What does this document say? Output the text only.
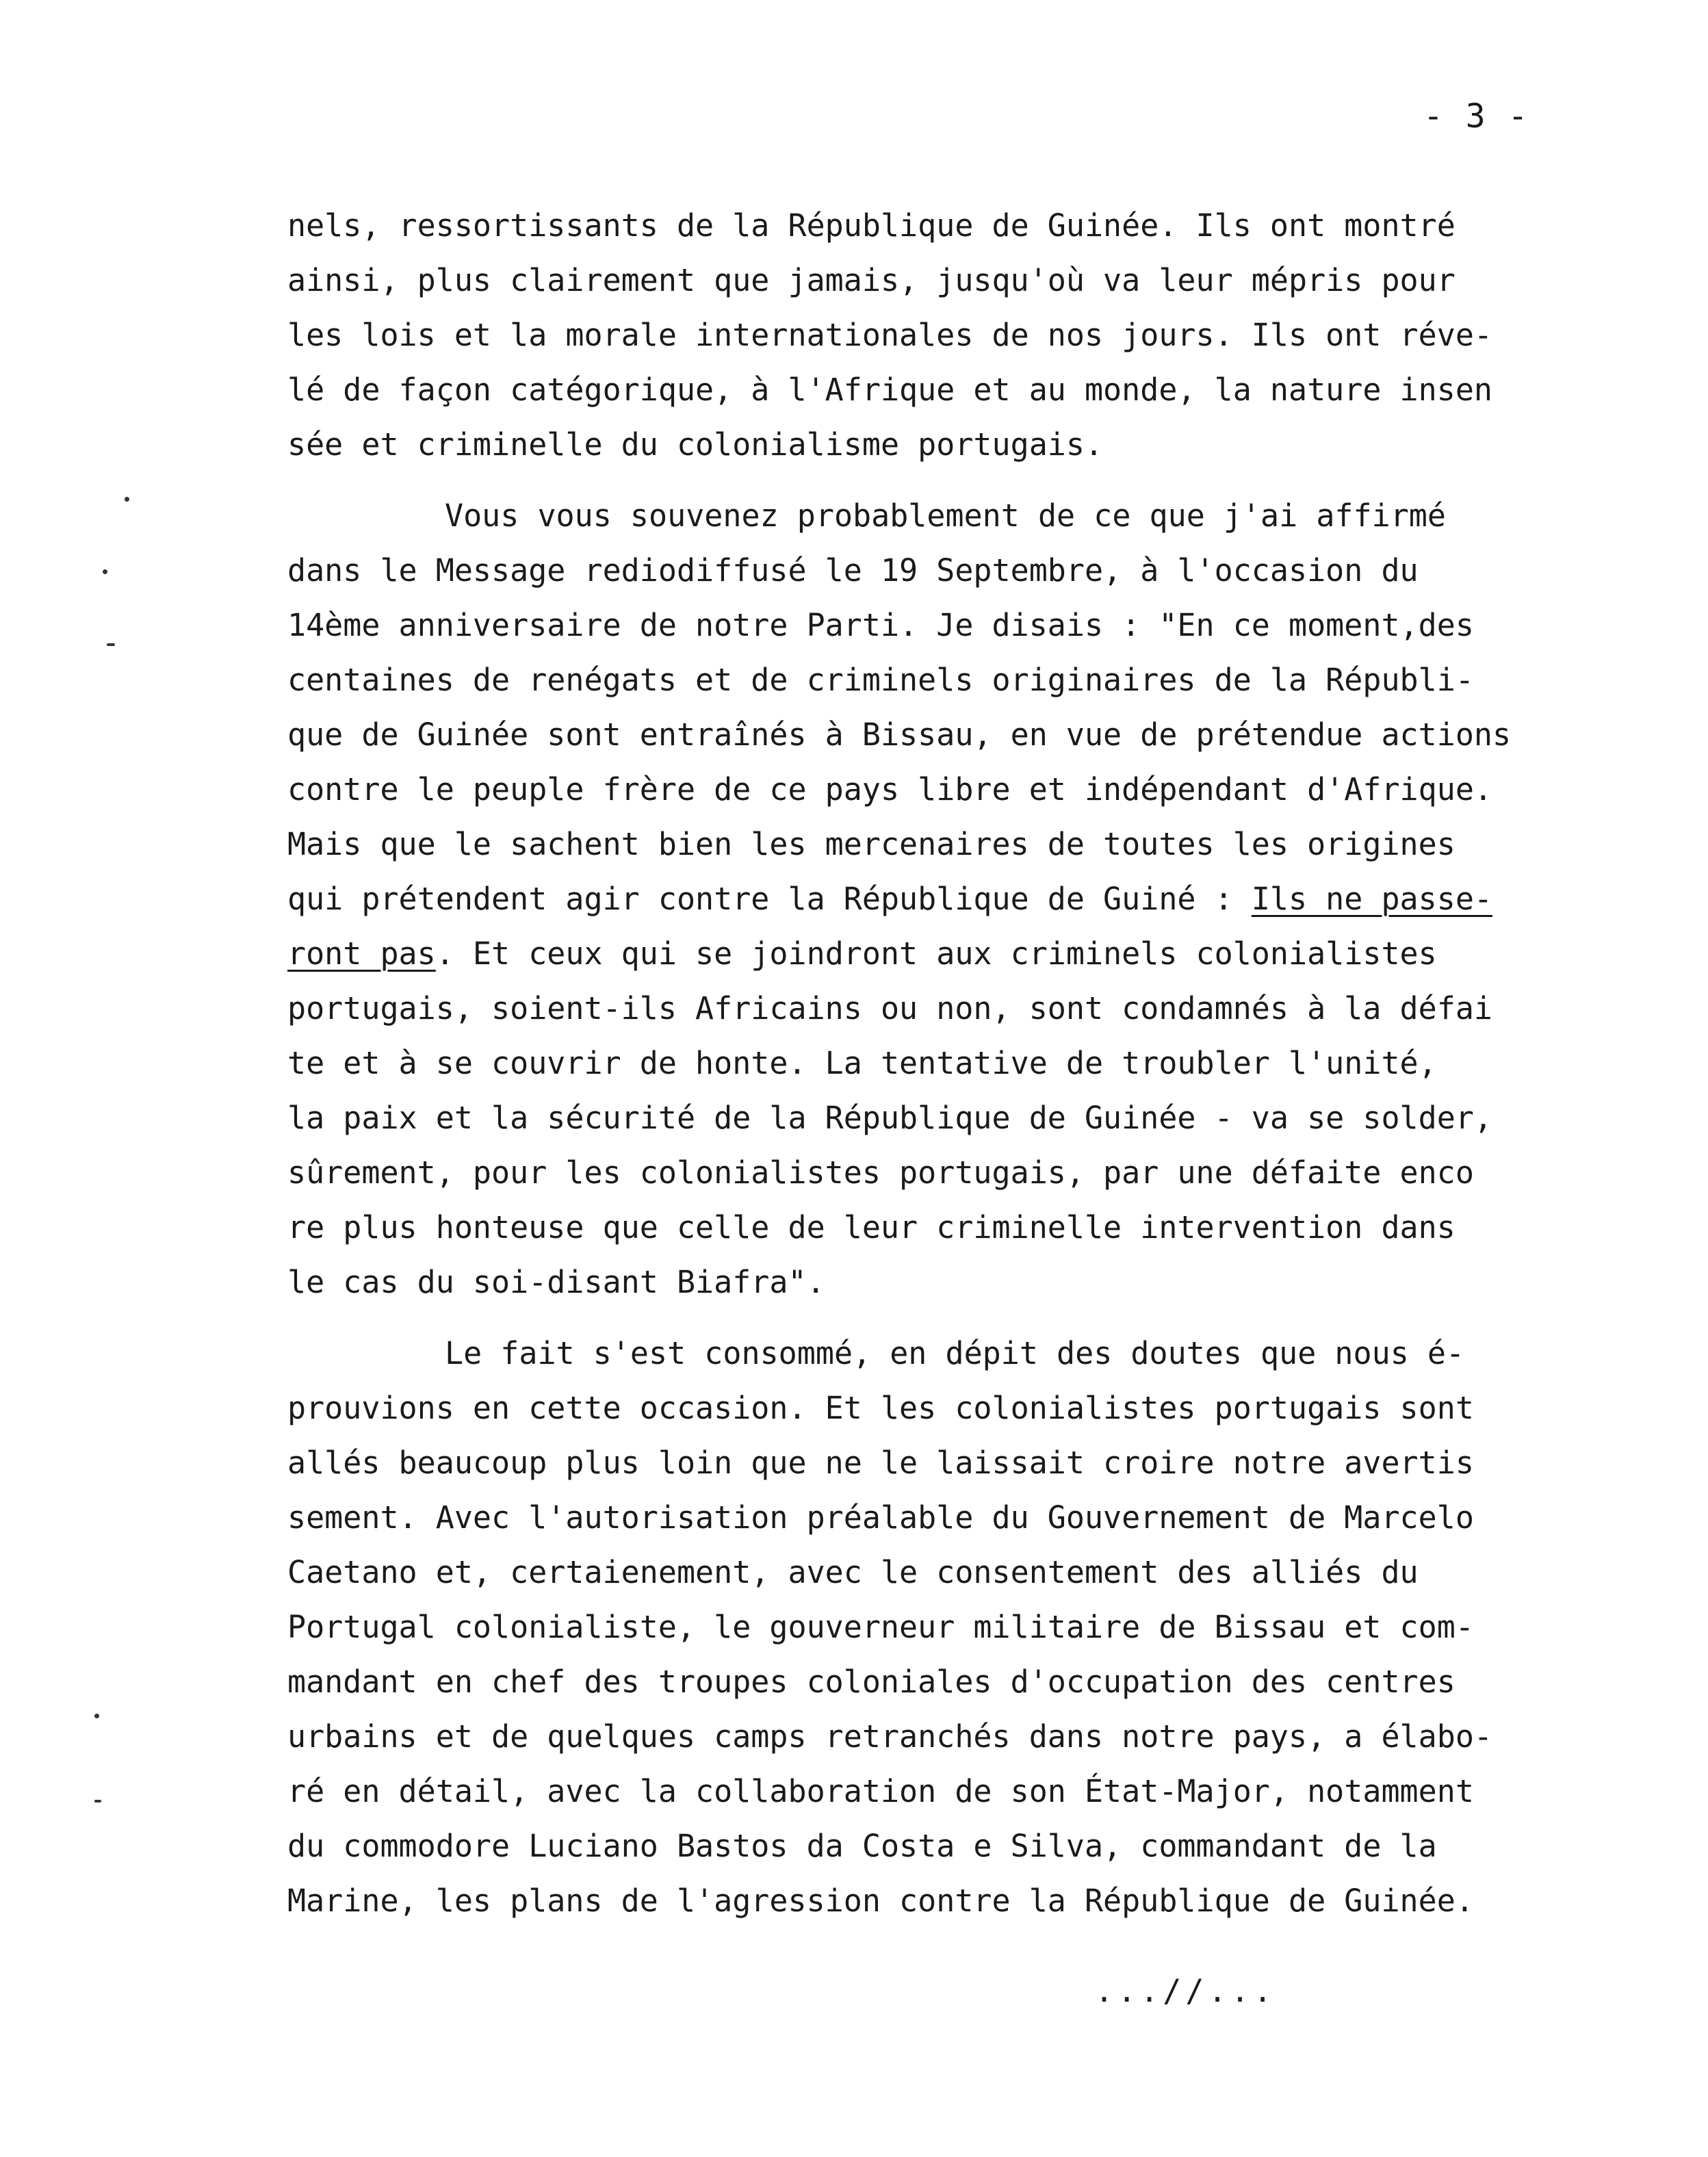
- 3 -
nels, ressortissants de la République de Guinée. Ils ont montré
ainsi, plus clairement que jamais, jusqu'où va leur mépris pour
les lois et la morale internationales de nos jours. Ils ont réve-
lé de façon catégorique, à l'Afrique et au monde, la nature insen
sée et criminelle du colonialisme portugais.
Vous vous souvenez probablement de ce que j'ai affirmé
dans le Message rediodiffusé le 19 Septembre, à l'occasion du
14ème anniversaire de notre Parti. Je disais : "En ce moment,des
centaines de renégats et de criminels originaires de la Républi-
que de Guinée sont entraînés à Bissau, en vue de prétendue actions
contre le peuple frère de ce pays libre et indépendant d'Afrique.
Mais que le sachent bien les mercenaires de toutes les origines
qui prétendent agir contre la République de Guiné : Ils ne passe-
ront pas. Et ceux qui se joindront aux criminels colonialistes
portugais, soient-ils Africains ou non, sont condamnés à la défai
te et à se couvrir de honte. La tentative de troubler l'unité,
la paix et la sécurité de la République de Guinée - va se solder,
sûrement, pour les colonialistes portugais, par une défaite enco
re plus honteuse que celle de leur criminelle intervention dans
le cas du soi-disant Biafra".
Le fait s'est consommé, en dépit des doutes que nous é-
prouvions en cette occasion. Et les colonialistes portugais sont
allés beaucoup plus loin que ne le laissait croire notre avertis
sement. Avec l'autorisation préalable du Gouvernement de Marcelo
Caetano et, certaienement, avec le consentement des alliés du
Portugal colonialiste, le gouverneur militaire de Bissau et com-
mandant en chef des troupes coloniales d'occupation des centres
urbains et de quelques camps retranchés dans notre pays, a élabo-
ré en détail, avec la collaboration de son État-Major, notamment
du commodore Luciano Bastos da Costa e Silva, commandant de la
Marine, les plans de l'agression contre la République de Guinée.
...//...
